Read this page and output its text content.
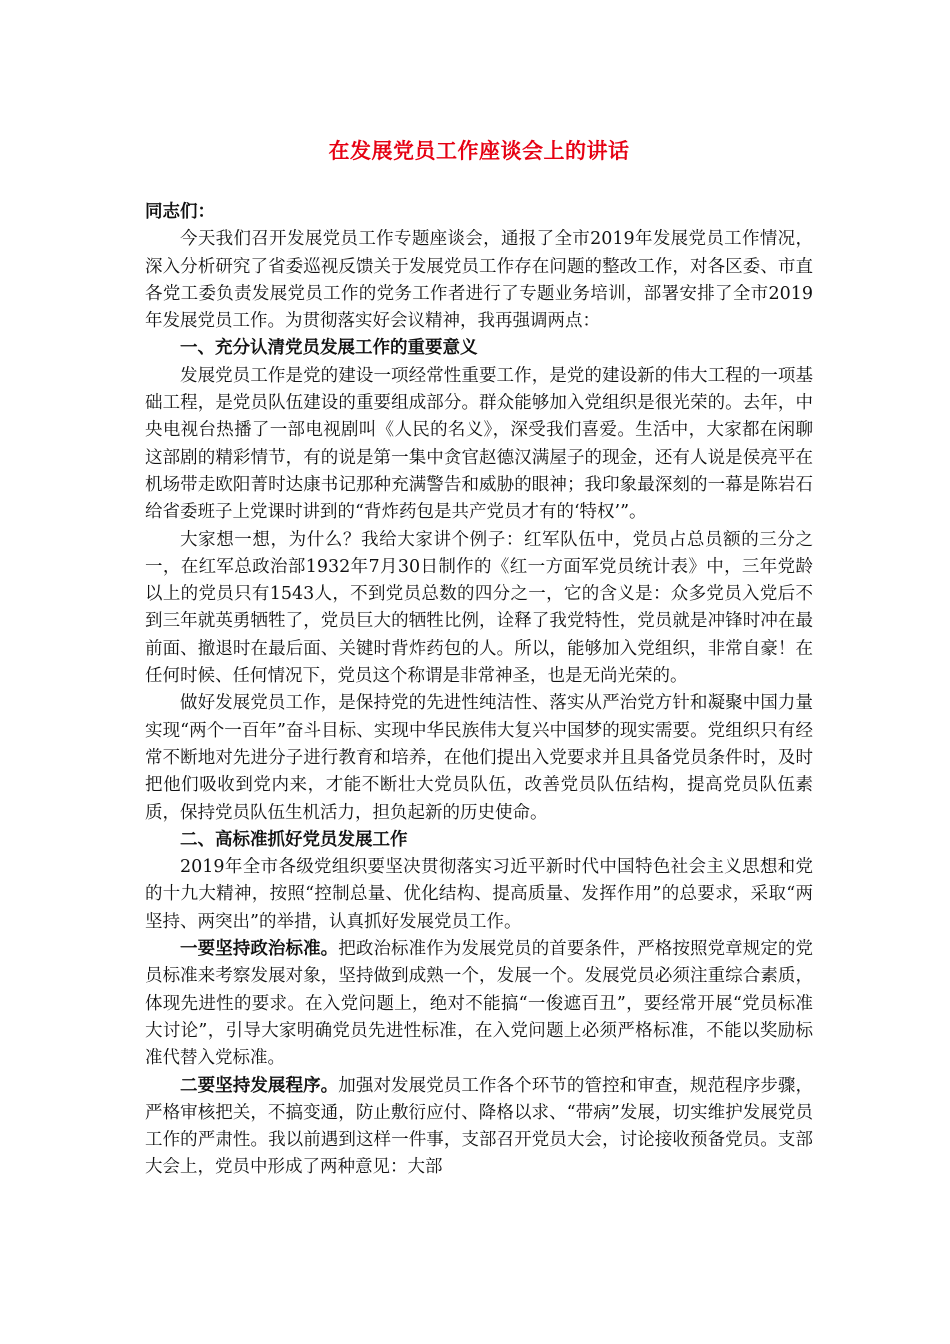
在发展党员工作座谈会上的讲话

同志们：

今天我们召开发展党员工作专题座谈会，通报了全市2019年发展党员工作情况，深入分析研究了省委巡视反馈关于发展党员工作存在问题的整改工作，对各区委、市直各党工委负责发展党员工作的党务工作者进行了专题业务培训，部署安排了全市2019年发展党员工作。为贯彻落实好会议精神，我再强调两点：

一、充分认清党员发展工作的重要意义

发展党员工作是党的建设一项经常性重要工作，是党的建设新的伟大工程的一项基础工程，是党员队伍建设的重要组成部分。群众能够加入党组织是很光荣的。去年，中央电视台热播了一部电视剧叫《人民的名义》，深受我们喜爱。生活中，大家都在闲聊这部剧的精彩情节，有的说是第一集中贪官赵德汉满屋子的现金，还有人说是侯亮平在机场带走欧阳菁时达康书记那种充满警告和威胁的眼神；我印象最深刻的一幕是陈岩石给省委班子上党课时讲到的“背炸药包是共产党员才有的‘特权’”。

大家想一想，为什么？我给大家讲个例子：红军队伍中，党员占总员额的三分之一，在红军总政治部1932年7月30日制作的《红一方面军党员统计表》中，三年党龄以上的党员只有1543人，不到党员总数的四分之一，它的含义是：众多党员入党后不到三年就英勇牺牲了，党员巨大的牺牲比例，诠释了我党特性，党员就是冲锋时冲在最前面、撤退时在最后面、关键时背炸药包的人。所以，能够加入党组织，非常自豪！在任何时候、任何情况下，党员这个称谓是非常神圣，也是无尚光荣的。

做好发展党员工作，是保持党的先进性纯洁性、落实从严治党方针和凝聚中国力量实现“两个一百年”奋斗目标、实现中华民族伟大复兴中国梦的现实需要。党组织只有经常不断地对先进分子进行教育和培养，在他们提出入党要求并且具备党员条件时，及时把他们吸收到党内来，才能不断壮大党员队伍，改善党员队伍结构，提高党员队伍素质，保持党员队伍生机活力，担负起新的历史使命。

二、高标准抓好党员发展工作

2019年全市各级党组织要坚决贯彻落实习近平新时代中国特色社会主义思想和党的十九大精神，按照“控制总量、优化结构、提高质量、发挥作用”的总要求，采取“两坚持、两突出”的举措，认真抓好发展党员工作。

一要坚持政治标准。把政治标准作为发展党员的首要条件，严格按照党章规定的党员标准来考察发展对象，坚持做到成熟一个，发展一个。发展党员必须注重综合素质，体现先进性的要求。在入党问题上，绝对不能搞“一俊遮百丑”，要经常开展“党员标准大讨论”，引导大家明确党员先进性标准，在入党问题上必须严格标准，不能以奖励标准代替入党标准。

二要坚持发展程序。加强对发展党员工作各个环节的管控和审查，规范程序步骤，严格审核把关，不搞变通，防止敷衍应付、降格以求、“带病”发展，切实维护发展党员工作的严肃性。我以前遇到这样一件事，支部召开党员大会，讨论接收预备党员。支部大会上，党员中形成了两种意见：大部
